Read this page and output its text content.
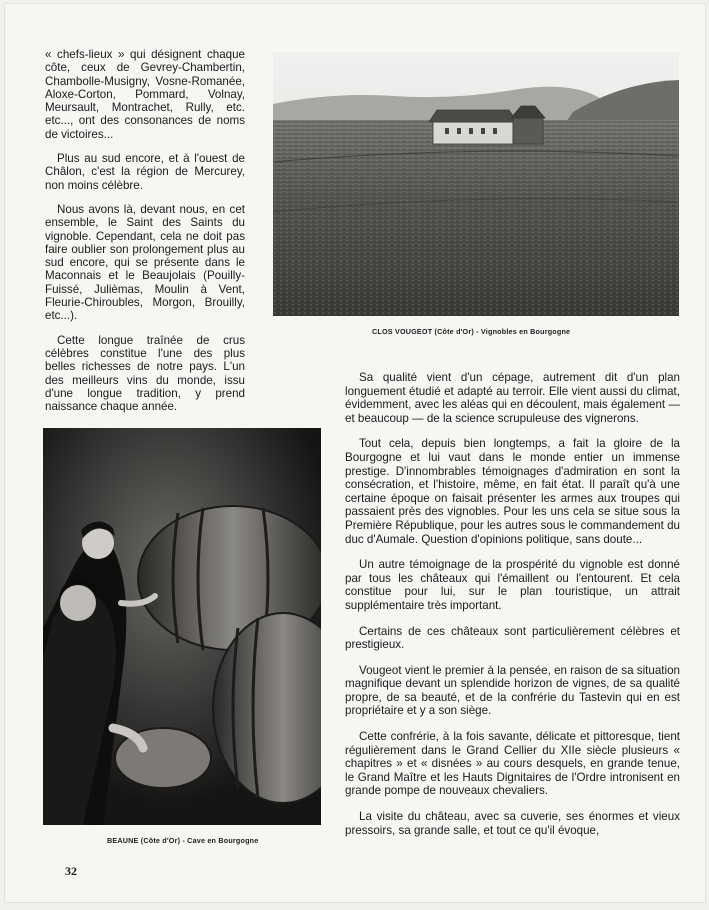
« chefs-lieux » qui désignent chaque côte, ceux de Gevrey-Chambertin, Chambolle-Musigny, Vosne-Romanée, Aloxe-Corton, Pommard, Volnay, Meursault, Montrachet, Rully, etc. etc..., ont des consonances de noms de victoires...

Plus au sud encore, et à l'ouest de Châlon, c'est la région de Mercurey, non moins célèbre.

Nous avons là, devant nous, en cet ensemble, le Saint des Saints du vignoble. Cependant, cela ne doit pas faire oublier son prolongement plus au sud encore, qui se présente dans le Maconnais et le Beaujolais (Pouilly-Fuissé, Julièmas, Moulin à Vent, Fleurie-Chiroubles, Morgon, Brouilly, etc...).

Cette longue traînée de crus célèbres constitue l'une des plus belles richesses de notre pays. L'un des meilleurs vins du monde, issu d'une longue tradition, y prend naissance chaque année.

CLOS VOUGEOT (Côte d'Or) - Vignobles en Bourgogne
BEAUNE (Côte d'Or) - Cave en Bourgogne

Sa qualité vient d'un cépage, autrement dit d'un plan longuement étudié et adapté au terroir. Elle vient aussi du climat, évidemment, avec les aléas qui en découlent, mais également — et beaucoup — de la science scrupuleuse des vignerons.

Tout cela, depuis bien longtemps, a fait la gloire de la Bourgogne et lui vaut dans le monde entier un immense prestige. D'innombrables témoignages d'admiration en sont la consécration, et l'histoire, même, en fait état. Il paraît qu'à une certaine époque on faisait présenter les armes aux troupes qui passaient près des vignobles. Pour les uns cela se situe sous la Première République, pour les autres sous le commandement du duc d'Aumale. Question d'opinions politique, sans doute...

Un autre témoignage de la prospérité du vignoble est donné par tous les châteaux qui l'émaillent ou l'entourent. Et cela constitue pour lui, sur le plan touristique, un attrait supplémentaire très important.

Certains de ces châteaux sont particulièrement célèbres et prestigieux.

Vougeot vient le premier à la pensée, en raison de sa situation magnifique devant un splendide horizon de vignes, de sa qualité propre, de sa beauté, et de la confrérie du Tastevin qui en est propriétaire et y a son siège.

Cette confrérie, à la fois savante, délicate et pittoresque, tient régulièrement dans le Grand Cellier du XIIe siècle plusieurs « chapitres » et « disnées » au cours desquels, en grande tenue, le Grand Maître et les Hauts Dignitaires de l'Ordre intronisent en grande pompe de nouveaux chevaliers.

La visite du château, avec sa cuverie, ses énormes et vieux pressoirs, sa grande salle, et tout ce qu'il évoque,

32
